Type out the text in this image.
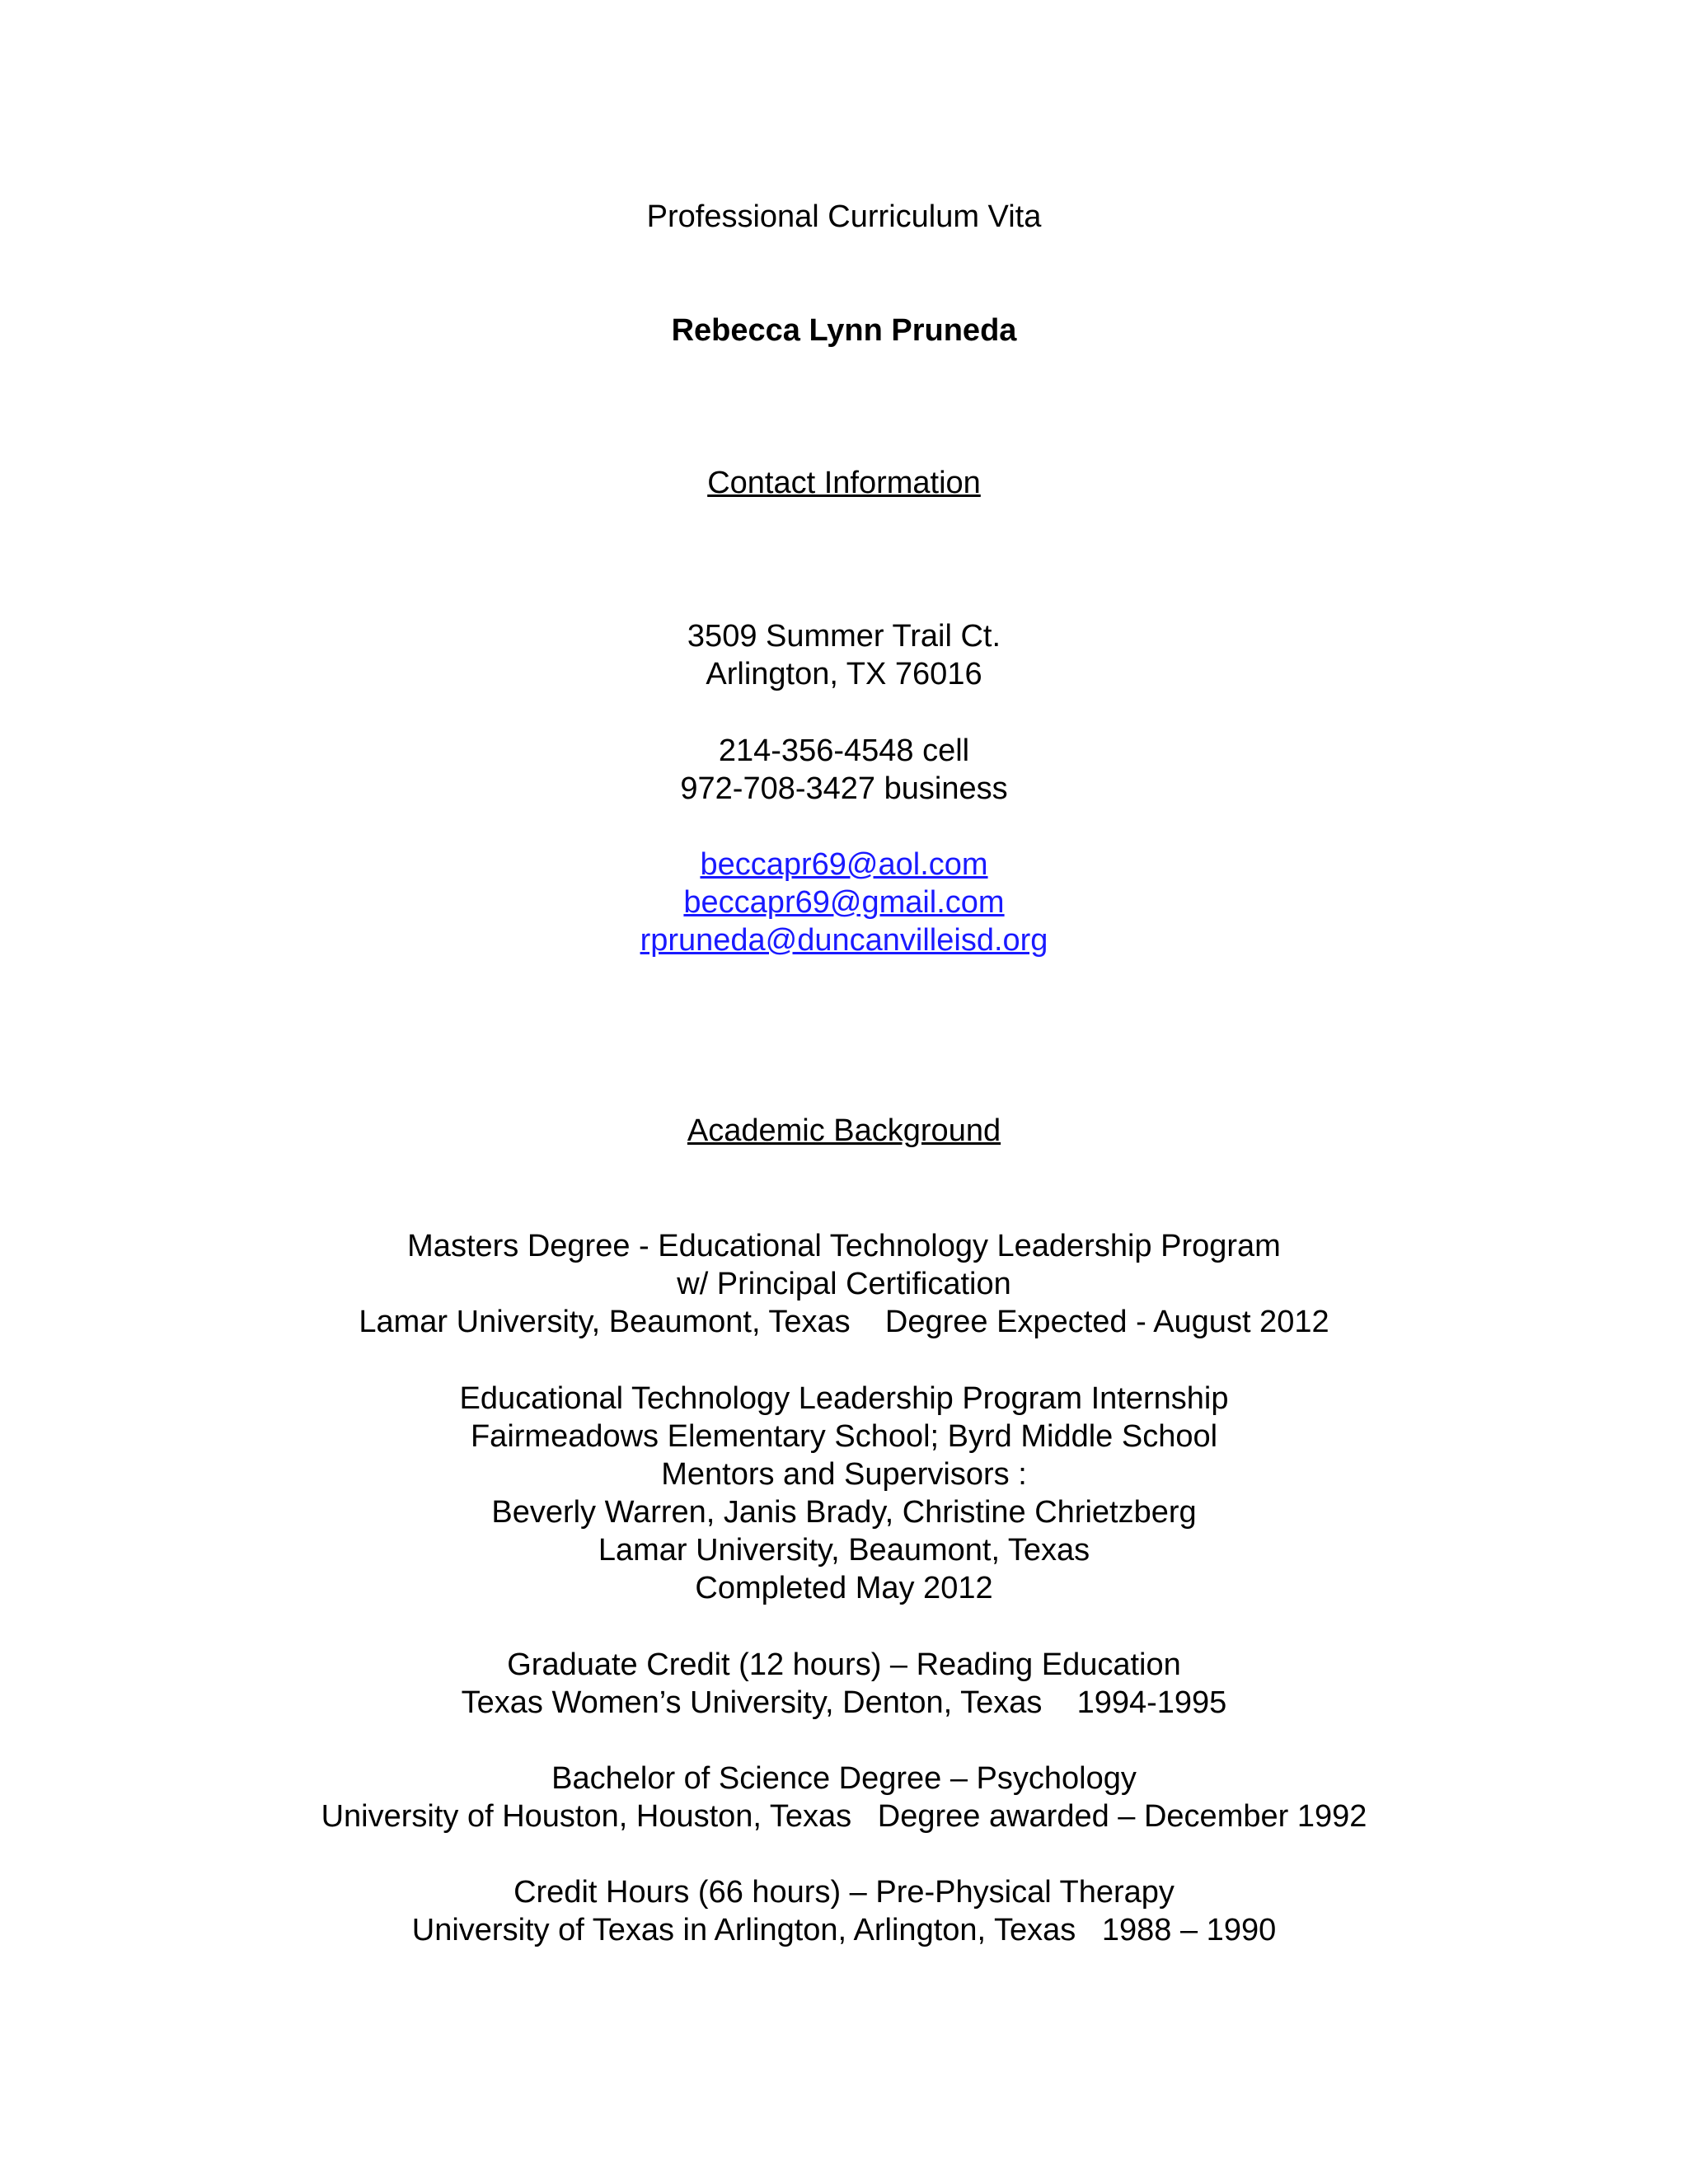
Professional Curriculum Vita
Rebecca Lynn Pruneda
Contact Information
3509 Summer Trail Ct.
Arlington, TX 76016
214-356-4548 cell
972-708-3427 business
beccapr69@aol.com
beccapr69@gmail.com
rpruneda@duncanvilleisd.org
Academic Background
Masters Degree - Educational Technology Leadership Program
w/ Principal Certification
Lamar University, Beaumont, Texas    Degree Expected - August 2012
Educational Technology Leadership Program Internship
Fairmeadows Elementary School; Byrd Middle School
Mentors and Supervisors :
Beverly Warren, Janis Brady, Christine Chrietzberg
Lamar University, Beaumont, Texas
Completed May 2012
Graduate Credit (12 hours) – Reading Education
Texas Women’s University, Denton, Texas    1994-1995
Bachelor of Science Degree – Psychology
University of Houston, Houston, Texas   Degree awarded – December 1992
Credit Hours (66 hours) – Pre-Physical Therapy
University of Texas in Arlington, Arlington, Texas   1988 – 1990
